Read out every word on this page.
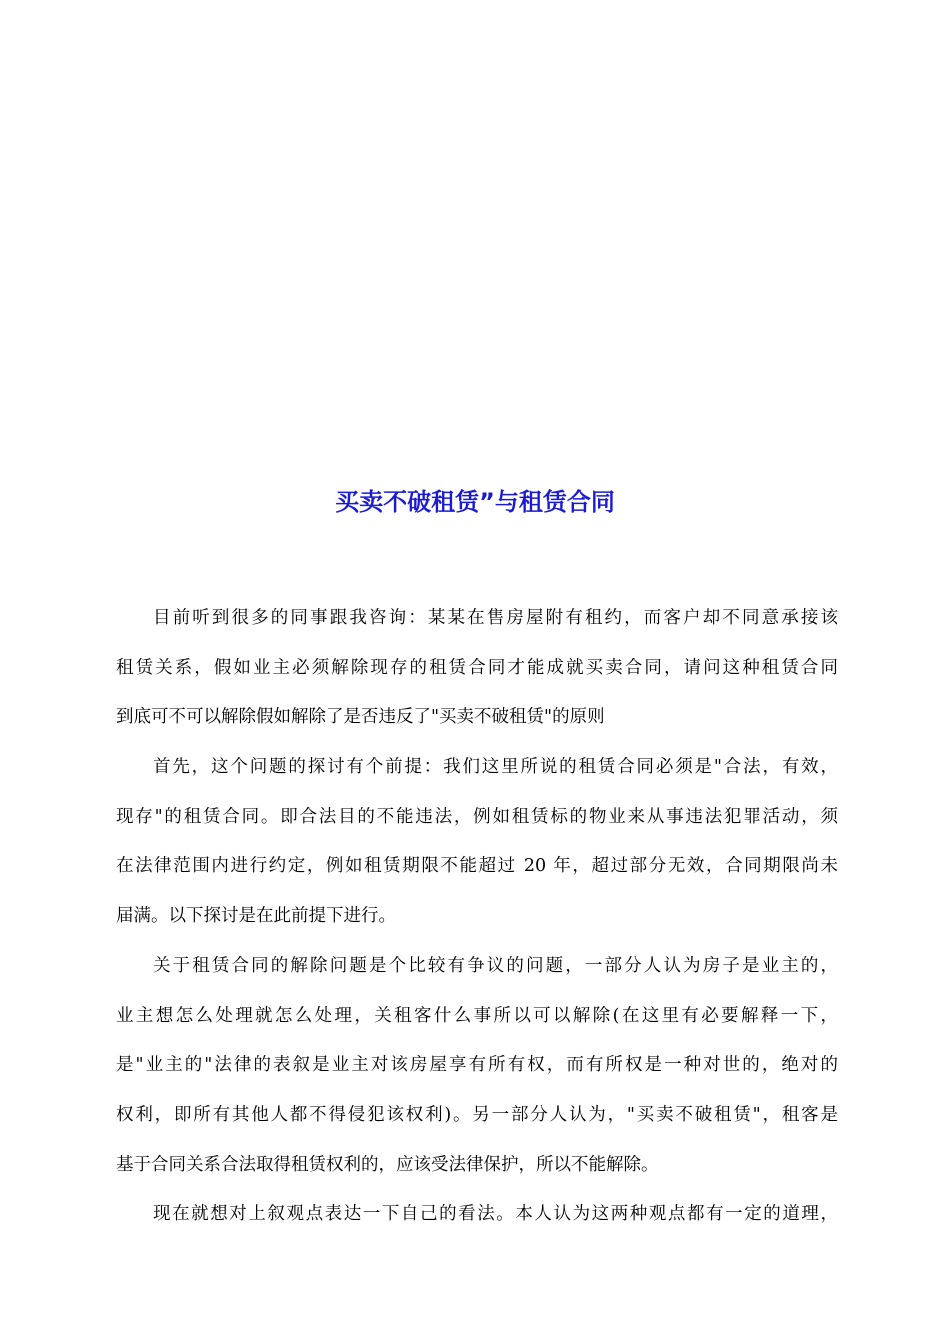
买卖不破租赁”与租赁合同
目前听到很多的同事跟我咨询：某某在售房屋附有租约，而客户却不同意承接该
租赁关系，假如业主必须解除现存的租赁合同才能成就买卖合同，请问这种租赁合同
到底可不可以解除假如解除了是否违反了"买卖不破租赁"的原则
首先，这个问题的探讨有个前提：我们这里所说的租赁合同必须是"合法，有效，
现存"的租赁合同。即合法目的不能违法，例如租赁标的物业来从事违法犯罪活动，须
在法律范围内进行约定，例如租赁期限不能超过 20 年，超过部分无效，合同期限尚未
届满。以下探讨是在此前提下进行。
关于租赁合同的解除问题是个比较有争议的问题，一部分人认为房子是业主的，
业主想怎么处理就怎么处理，关租客什么事所以可以解除(在这里有必要解释一下，
是"业主的"法律的表叙是业主对该房屋享有所有权，而有所权是一种对世的，绝对的
权利，即所有其他人都不得侵犯该权利)。另一部分人认为，"买卖不破租赁"，租客是
基于合同关系合法取得租赁权利的，应该受法律保护，所以不能解除。
现在就想对上叙观点表达一下自己的看法。本人认为这两种观点都有一定的道理，
